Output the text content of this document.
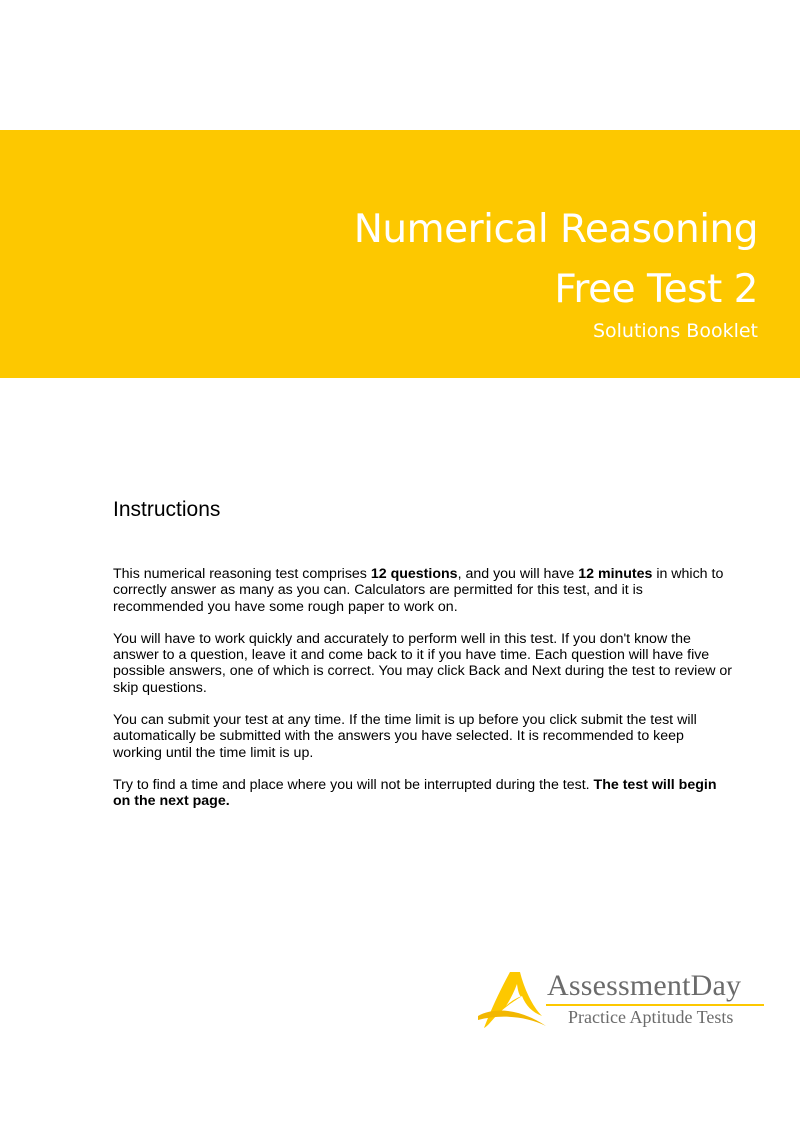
Numerical Reasoning
Free Test 2
Solutions Booklet
Instructions

This numerical reasoning test comprises 12 questions, and you will have 12 minutes in which to correctly answer as many as you can. Calculators are permitted for this test, and it is recommended you have some rough paper to work on.

You will have to work quickly and accurately to perform well in this test. If you don't know the answer to a question, leave it and come back to it if you have time. Each question will have five possible answers, one of which is correct. You may click Back and Next during the test to review or skip questions.

You can submit your test at any time. If the time limit is up before you click submit the test will automatically be submitted with the answers you have selected. It is recommended to keep working until the time limit is up.

Try to find a time and place where you will not be interrupted during the test. The test will begin on the next page.

AssessmentDay
Practice Aptitude Tests
